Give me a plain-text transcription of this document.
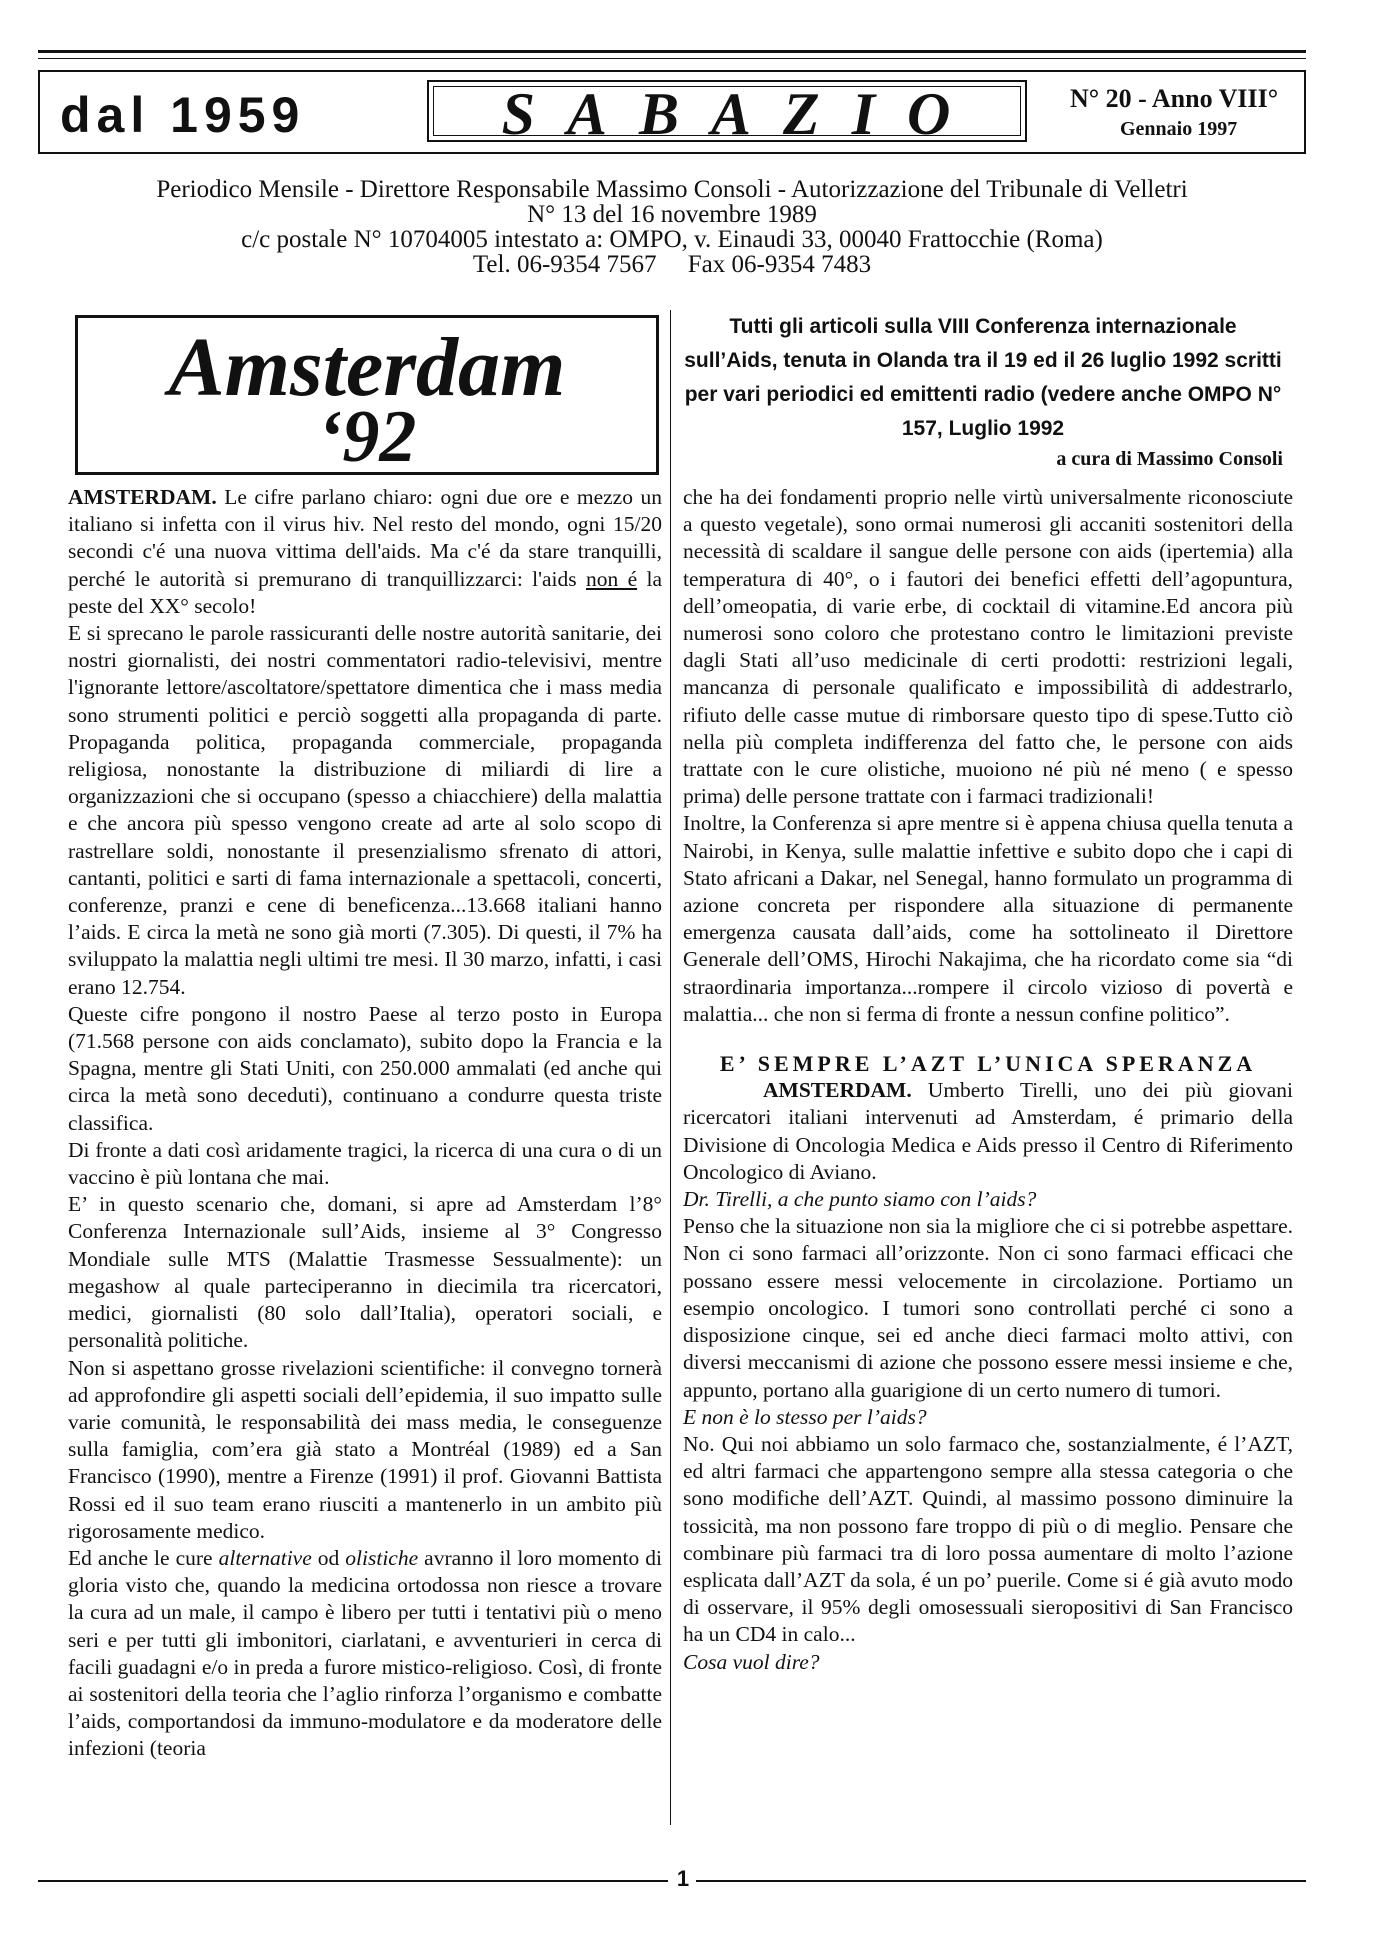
dal 1959	SABAZIO	N° 20 - Anno VIII°
Gennaio 1997
Periodico Mensile - Direttore Responsabile Massimo Consoli - Autorizzazione del Tribunale di Velletri
N° 13 del 16 novembre 1989
c/c postale N° 10704005 intestato a: OMPO, v. Einaudi 33, 00040 Frattocchie (Roma)
Tel. 06-9354 7567     Fax 06-9354 7483
Amsterdam
‘92
Tutti gli articoli sulla VIII Conferenza internazionale sull’Aids, tenuta in Olanda tra il 19 ed il 26 luglio 1992 scritti per vari periodici ed emittenti radio (vedere anche OMPO N° 157, Luglio 1992
a cura di Massimo Consoli

AMSTERDAM. Le cifre parlano chiaro: ogni due ore e mezzo un italiano si infetta con il virus hiv. Nel resto del mondo, ogni 15/20 secondi c'é una nuova vittima dell'aids. Ma c'é da stare tranquilli, perché le autorità si premurano di tranquillizzarci: l'aids non é la peste del XX° secolo!

E si sprecano le parole rassicuranti delle nostre autorità sanitarie, dei nostri giornalisti, dei nostri commentatori radio-televisivi, mentre l'ignorante lettore/ascoltatore/spettatore dimentica che i mass media sono strumenti politici e perciò soggetti alla propaganda di parte. Propaganda politica, propaganda commerciale, propaganda religiosa, nonostante la distribuzione di miliardi di lire a organizzazioni che si occupano (spesso a chiacchiere) della malattia e che ancora più spesso vengono create ad arte al solo scopo di rastrellare soldi, nonostante il presenzialismo sfrenato di attori, cantanti, politici e sarti di fama internazionale a spettacoli, concerti, conferenze, pranzi e cene di beneficenza...13.668 italiani hanno l’aids. E circa la metà ne sono già morti (7.305). Di questi, il 7% ha sviluppato la malattia negli ultimi tre mesi. Il 30 marzo, infatti, i casi erano 12.754.

Queste cifre pongono il nostro Paese al terzo posto in Europa (71.568 persone con aids conclamato), subito dopo la Francia e la Spagna, mentre gli Stati Uniti, con 250.000 ammalati (ed anche qui circa la metà sono deceduti), continuano a condurre questa triste classifica.

Di fronte a dati così aridamente tragici, la ricerca di una cura o di un vaccino è più lontana che mai.

E’ in questo scenario che, domani, si apre ad Amsterdam l’8° Conferenza Internazionale sull’Aids, insieme al 3° Congresso Mondiale sulle MTS (Malattie Trasmesse Sessualmente): un megashow al quale parteciperanno in diecimila tra ricercatori, medici, giornalisti (80 solo dall’Italia), operatori sociali, e personalità politiche.

Non si aspettano grosse rivelazioni scientifiche: il convegno tornerà ad approfondire gli aspetti sociali dell’epidemia, il suo impatto sulle varie comunità, le responsabilità dei mass media, le conseguenze sulla famiglia, com’era già stato a Montréal (1989) ed a San Francisco (1990), mentre a Firenze (1991) il prof. Giovanni Battista Rossi ed il suo team erano riusciti a mantenerlo in un ambito più rigorosamente medico.

Ed anche le cure alternative od olistiche avranno il loro momento di gloria visto che, quando la medicina ortodossa non riesce a trovare la cura ad un male, il campo è libero per tutti i tentativi più o meno seri e per tutti gli imbonitori, ciarlatani, e avventurieri in cerca di facili guadagni e/o in preda a furore mistico-religioso. Così, di fronte ai sostenitori della teoria che l’aglio rinforza l’organismo e combatte l’aids, comportandosi da immuno-modulatore e da moderatore delle infezioni (teoria

che ha dei fondamenti proprio nelle virtù universalmente riconosciute a questo vegetale), sono ormai numerosi gli accaniti sostenitori della necessità di scaldare il sangue delle persone con aids (ipertemia) alla temperatura di 40°, o i fautori dei benefici effetti dell’agopuntura, dell’omeopatia, di varie erbe, di cocktail di vitamine.Ed ancora più numerosi sono coloro che protestano contro le limitazioni previste dagli Stati all’uso medicinale di certi prodotti: restrizioni legali, mancanza di personale qualificato e impossibilità di addestrarlo, rifiuto delle casse mutue di rimborsare questo tipo di spese.Tutto ciò nella più completa indifferenza del fatto che, le persone con aids trattate con le cure olistiche, muoiono né più né meno ( e spesso prima) delle persone trattate con i farmaci tradizionali!

Inoltre, la Conferenza si apre mentre si è appena chiusa quella tenuta a Nairobi, in Kenya, sulle malattie infettive e subito dopo che i capi di Stato africani a Dakar, nel Senegal, hanno formulato un programma di azione concreta per rispondere alla situazione di permanente emergenza causata dall’aids, come ha sottolineato il Direttore Generale dell’OMS, Hirochi Nakajima, che ha ricordato come sia “di straordinaria importanza...rompere il circolo vizioso di povertà e malattia... che non si ferma di fronte a nessun confine politico”.

E’ SEMPRE L’AZT L’UNICA SPERANZA

AMSTERDAM. Umberto Tirelli, uno dei più giovani ricercatori italiani intervenuti ad Amsterdam, é primario della Divisione di Oncologia Medica e Aids presso il Centro di Riferimento Oncologico di Aviano.

Dr. Tirelli, a che punto siamo con l’aids?

Penso che la situazione non sia la migliore che ci si potrebbe aspettare. Non ci sono farmaci all’orizzonte. Non ci sono farmaci efficaci che possano essere messi velocemente in circolazione. Portiamo un esempio oncologico. I tumori sono controllati perché ci sono a disposizione cinque, sei ed anche dieci farmaci molto attivi, con diversi meccanismi di azione che possono essere messi insieme e che, appunto, portano alla guarigione di un certo numero di tumori.

E non è lo stesso per l’aids?

No. Qui noi abbiamo un solo farmaco che, sostanzialmente, é l’AZT, ed altri farmaci che appartengono sempre alla stessa categoria o che sono modifiche dell’AZT. Quindi, al massimo possono diminuire la tossicità, ma non possono fare troppo di più o di meglio. Pensare che combinare più farmaci tra di loro possa aumentare di molto l’azione esplicata dall’AZT da sola, é un po’ puerile. Come si é già avuto modo di osservare, il 95% degli omosessuali sieropositivi di San Francisco ha un CD4 in calo...

Cosa vuol dire?

1
